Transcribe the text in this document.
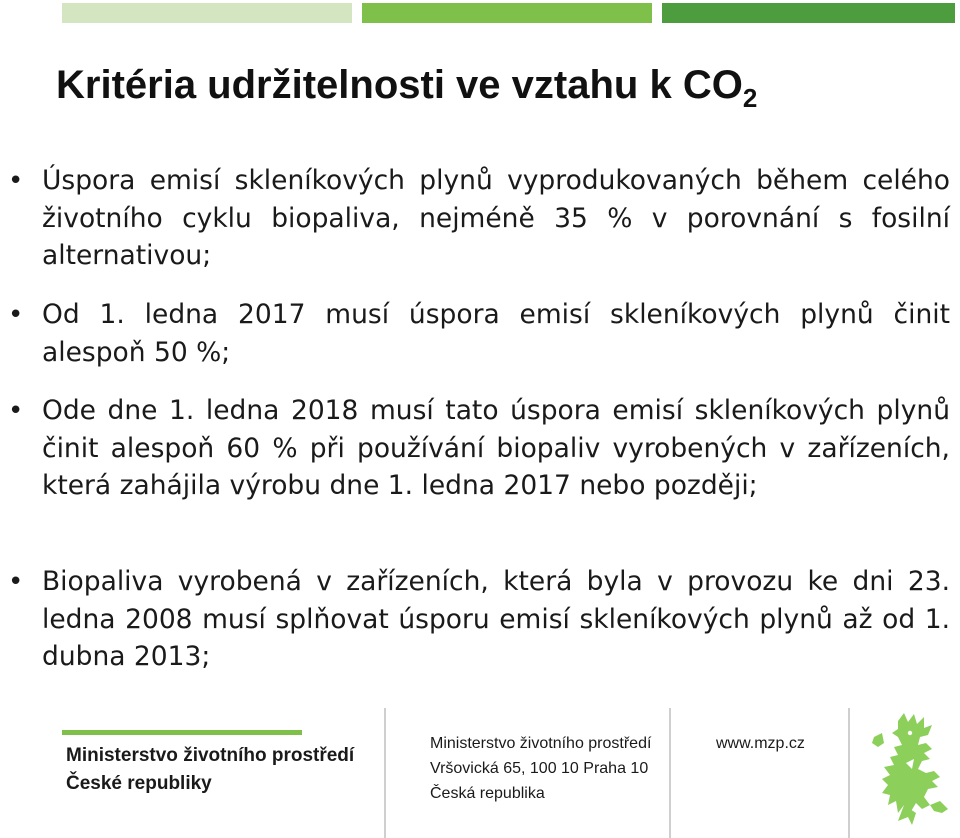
Kritéria udržitelnosti ve vztahu k $CO_2$
• Úspora emisí skleníkových plynů vyprodukovaných během celého životního cyklu biopaliva, nejméně 35 % v porovnání s fosilní alternativou;
• Od 1. ledna 2017 musí úspora emisí skleníkových plynů činit alespoň 50 %;
• Ode dne 1. ledna 2018 musí tato úspora emisí skleníkových plynů činit alespoň 60 % při používání biopaliv vyrobených v zařízeních, která zahájila výrobu dne 1. ledna 2017 nebo později;
• Biopaliva vyrobená v zařízeních, která byla v provozu ke dni 23. ledna 2008 musí splňovat úsporu emisí skleníkových plynů až od 1. dubna 2013;
Ministerstvo životního prostředí
České republiky
Ministerstvo životního prostředí
Vršovická 65, 100 10 Praha 10
Česká republika
www.mzp.cz
